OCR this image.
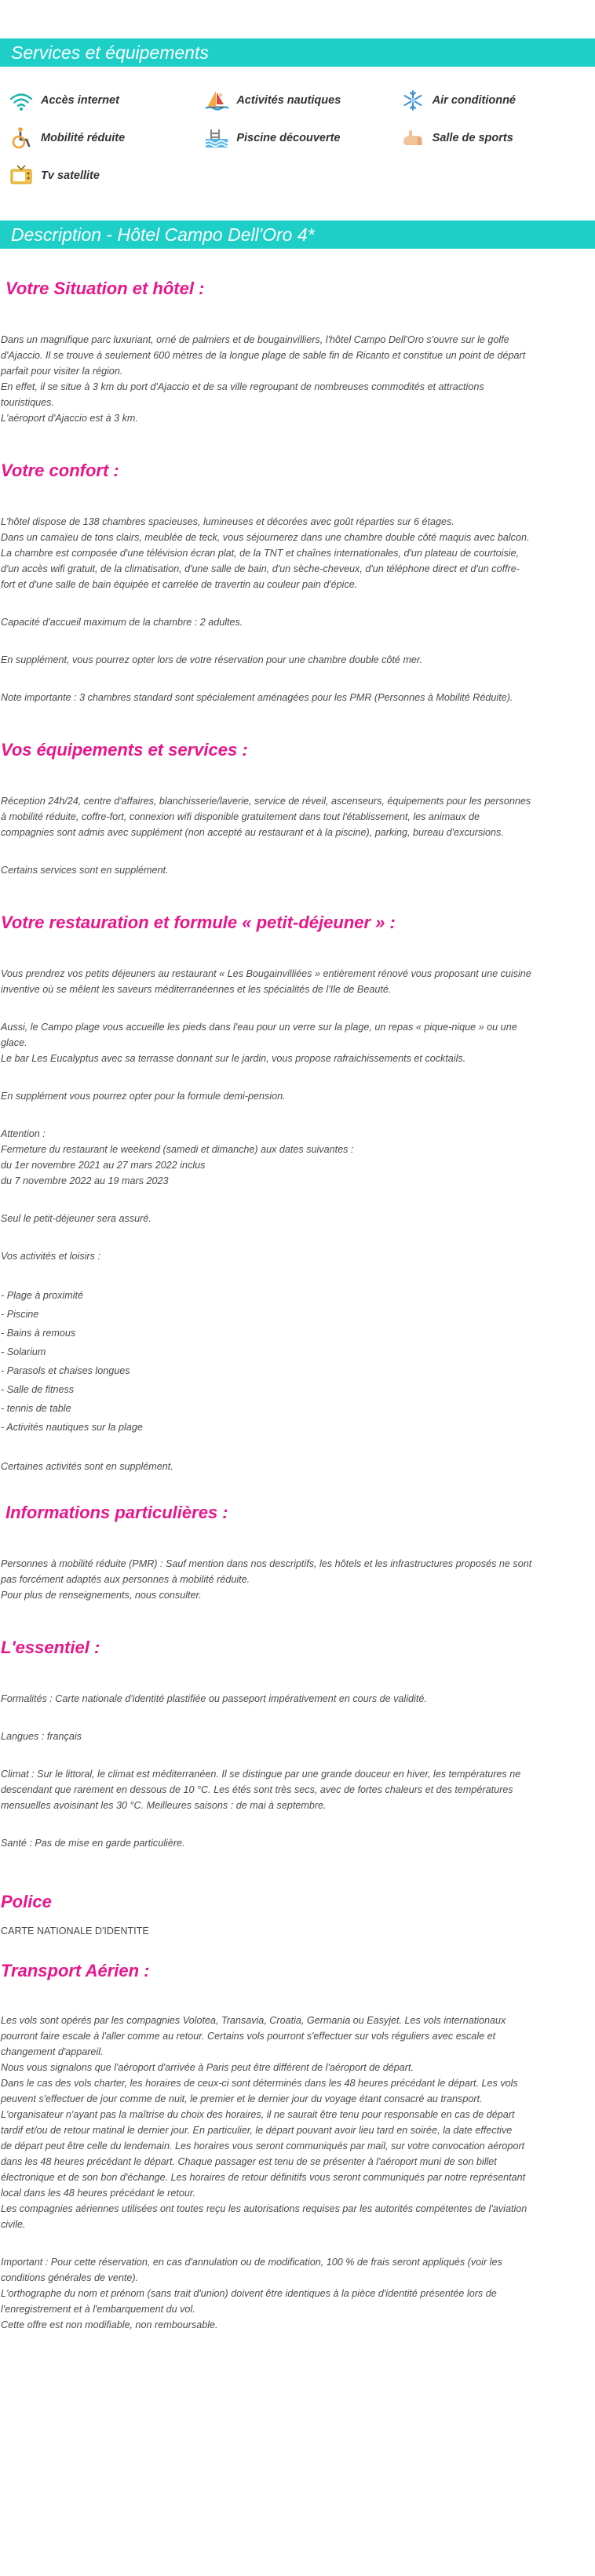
Services et équipements
Accès internet	Activités nautiques	Air conditionné
Mobilité réduite	Piscine découverte	Salle de sports
Tv satellite
Description - Hôtel Campo Dell'Oro 4*
Votre Situation et hôtel :

Dans un magnifique parc luxuriant, orné de palmiers et de bougainvilliers, l'hôtel Campo Dell'Oro s'ouvre sur le golfe

d'Ajaccio. Il se trouve à seulement 600 mètres de la longue plage de sable fin de Ricanto et constitue un point de départ

parfait pour visiter la région.

En effet, il se situe à 3 km du port d'Ajaccio et de sa ville regroupant de nombreuses commodités et attractions

touristiques.

L'aéroport d'Ajaccio est à 3 km.

Votre confort :

L'hôtel dispose de 138 chambres spacieuses, lumineuses et décorées avec goût réparties sur 6 étages.

Dans un camaïeu de tons clairs, meublée de teck, vous séjournerez dans une chambre double côté maquis avec balcon.

La chambre est composée d'une télévision écran plat, de la TNT et chaînes internationales, d'un plateau de courtoisie,

d'un accès wifi gratuit, de la climatisation, d'une salle de bain, d'un sèche-cheveux, d'un téléphone direct et d'un coffre-

fort et d'une salle de bain équipée et carrelée de travertin au couleur pain d'épice.

Capacité d'accueil maximum de la chambre : 2 adultes.

En supplément, vous pourrez opter lors de votre réservation pour une chambre double côté mer.

Note importante : 3 chambres standard sont spécialement aménagées pour les PMR (Personnes à Mobilité Réduite).

Vos équipements et services :

Réception 24h/24, centre d'affaires, blanchisserie/laverie, service de réveil, ascenseurs, équipements pour les personnes

à mobilité réduite, coffre-fort, connexion wifi disponible gratuitement dans tout l'établissement, les animaux de

compagnies sont admis avec supplément (non accepté au restaurant et à la piscine), parking, bureau d'excursions.

Certains services sont en supplément.

Votre restauration et formule « petit-déjeuner » :

Vous prendrez vos petits déjeuners au restaurant « Les Bougainvilliées » entièrement rénové vous proposant une cuisine

inventive où se mêlent les saveurs méditerranéennes et les spécialités de l'Ile de Beauté.

Aussi, le Campo plage vous accueille les pieds dans l'eau pour un verre sur la plage, un repas « pique-nique » ou une

glace.

Le bar Les Eucalyptus avec sa terrasse donnant sur le jardin, vous propose rafraichissements et cocktails.

En supplément vous pourrez opter pour la formule demi-pension.

Attention :

Fermeture du restaurant le weekend (samedi et dimanche) aux dates suivantes :

du 1er novembre 2021 au 27 mars 2022 inclus

du 7 novembre 2022 au 19 mars 2023

Seul le petit-déjeuner sera assuré.

Vos activités et loisirs :

- Plage à proximité

- Piscine

- Bains à remous

- Solarium

- Parasols et chaises longues

- Salle de fitness

- tennis de table

- Activités nautiques sur la plage

Certaines activités sont en supplément.

Informations particulières :

Personnes à mobilité réduite (PMR) : Sauf mention dans nos descriptifs, les hôtels et les infrastructures proposés ne sont

pas forcément adaptés aux personnes à mobilité réduite.

Pour plus de renseignements, nous consulter.

L'essentiel :

Formalités : Carte nationale d'identité plastifiée ou passeport impérativement en cours de validité.

Langues : français

Climat : Sur le littoral, le climat est méditerranéen. Il se distingue par une grande douceur en hiver, les températures ne

descendant que rarement en dessous de 10 °C. Les étés sont très secs, avec de fortes chaleurs et des températures

mensuelles avoisinant les 30 °C. Meilleures saisons : de mai à septembre.

Santé : Pas de mise en garde particulière.

Police

CARTE NATIONALE D'IDENTITE

Transport Aérien :

Les vols sont opérés par les compagnies Volotea, Transavia, Croatia, Germania ou Easyjet. Les vols internationaux

pourront faire escale à l'aller comme au retour. Certains vols pourront s'effectuer sur vols réguliers avec escale et

changement d'appareil.

Nous vous signalons que l'aéroport d'arrivée à Paris peut être différent de l'aéroport de départ.

Dans le cas des vols charter, les horaires de ceux-ci sont déterminés dans les 48 heures précédant le départ. Les vols

peuvent s'effectuer de jour comme de nuit, le premier et le dernier jour du voyage étant consacré au transport.

L'organisateur n'ayant pas la maîtrise du choix des horaires, il ne saurait être tenu pour responsable en cas de départ

tardif et/ou de retour matinal le dernier jour. En particulier, le départ pouvant avoir lieu tard en soirée, la date effective

de départ peut être celle du lendemain. Les horaires vous seront communiqués par mail, sur votre convocation aéroport

dans les 48 heures précédant le départ. Chaque passager est tenu de se présenter à l'aéroport muni de son billet

électronique et de son bon d'échange. Les horaires de retour définitifs vous seront communiqués par notre représentant

local dans les 48 heures précédant le retour.

Les compagnies aériennes utilisées ont toutes reçu les autorisations requises par les autorités compétentes de l'aviation

civile.

Important : Pour cette réservation, en cas d'annulation ou de modification, 100 % de frais seront appliqués (voir les

conditions générales de vente).

L'orthographe du nom et prénom (sans trait d'union) doivent être identiques à la pièce d'identité présentée lors de

l'enregistrement et à l'embarquement du vol.

Cette offre est non modifiable, non remboursable.
